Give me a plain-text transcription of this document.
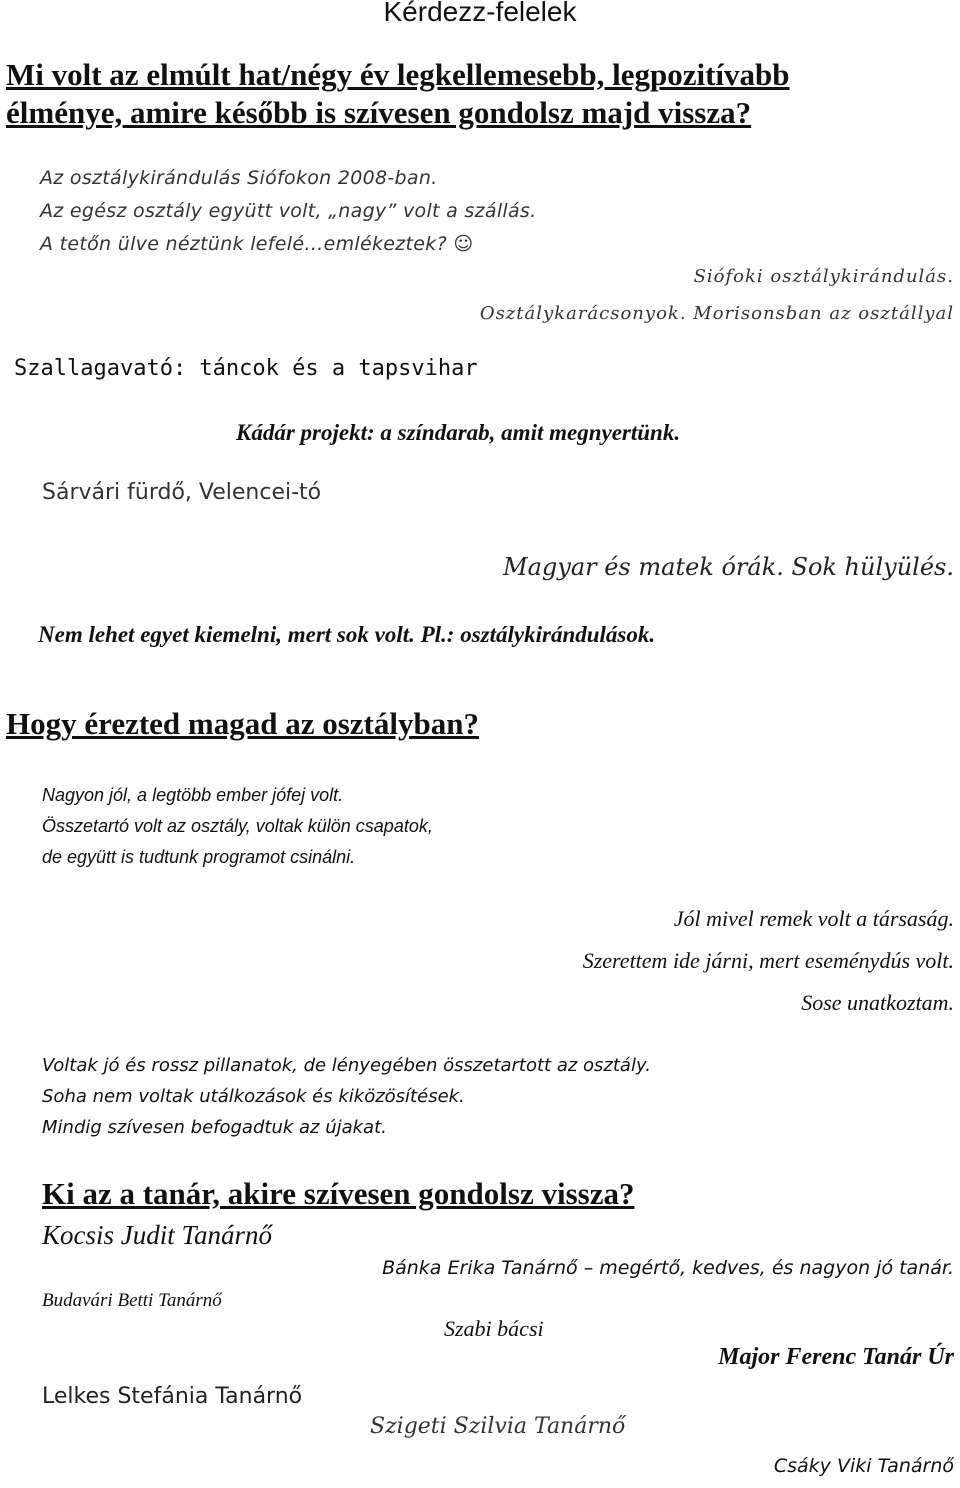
Kérdezz-felelek
Mi volt az elmúlt hat/négy év legkellemesebb, legpozitívabb
élménye, amire később is szívesen gondolsz majd vissza?
Az osztálykirándulás Siófokon 2008-ban.
Az egész osztály együtt volt, „nagy” volt a szállás.
A tetőn ülve néztünk lefelé…emlékeztek? ☺
Siófoki osztálykirándulás.
Osztálykarácsonyok. Morisonsban az osztállyal
Szallagavató: táncok és a tapsvihar
Kádár projekt: a színdarab, amit megnyertünk.
Sárvári fürdő, Velencei-tó
Magyar és matek órák. Sok hülyülés.
Nem lehet egyet kiemelni, mert sok volt. Pl.: osztálykirándulások.
Hogy érezted magad az osztályban?
Nagyon jól, a legtöbb ember jófej volt.
Összetartó volt az osztály, voltak külön csapatok,
de együtt is tudtunk programot csinálni.
Jól mivel remek volt a társaság.
Szerettem ide járni, mert eseménydús volt.
Sose unatkoztam.
Voltak jó és rossz pillanatok, de lényegében összetartott az osztály.
Soha nem voltak utálkozások és kiközösítések.
Mindig szívesen befogadtuk az újakat.
Ki az a tanár, akire szívesen gondolsz vissza?
Kocsis Judit Tanárnő
Bánka Erika Tanárnő – megértő, kedves, és nagyon jó tanár.
Budavári Betti Tanárnő
Szabi bácsi
Major Ferenc Tanár Úr
Lelkes Stefánia Tanárnő
Szigeti Szilvia Tanárnő
Csáky Viki Tanárnő
